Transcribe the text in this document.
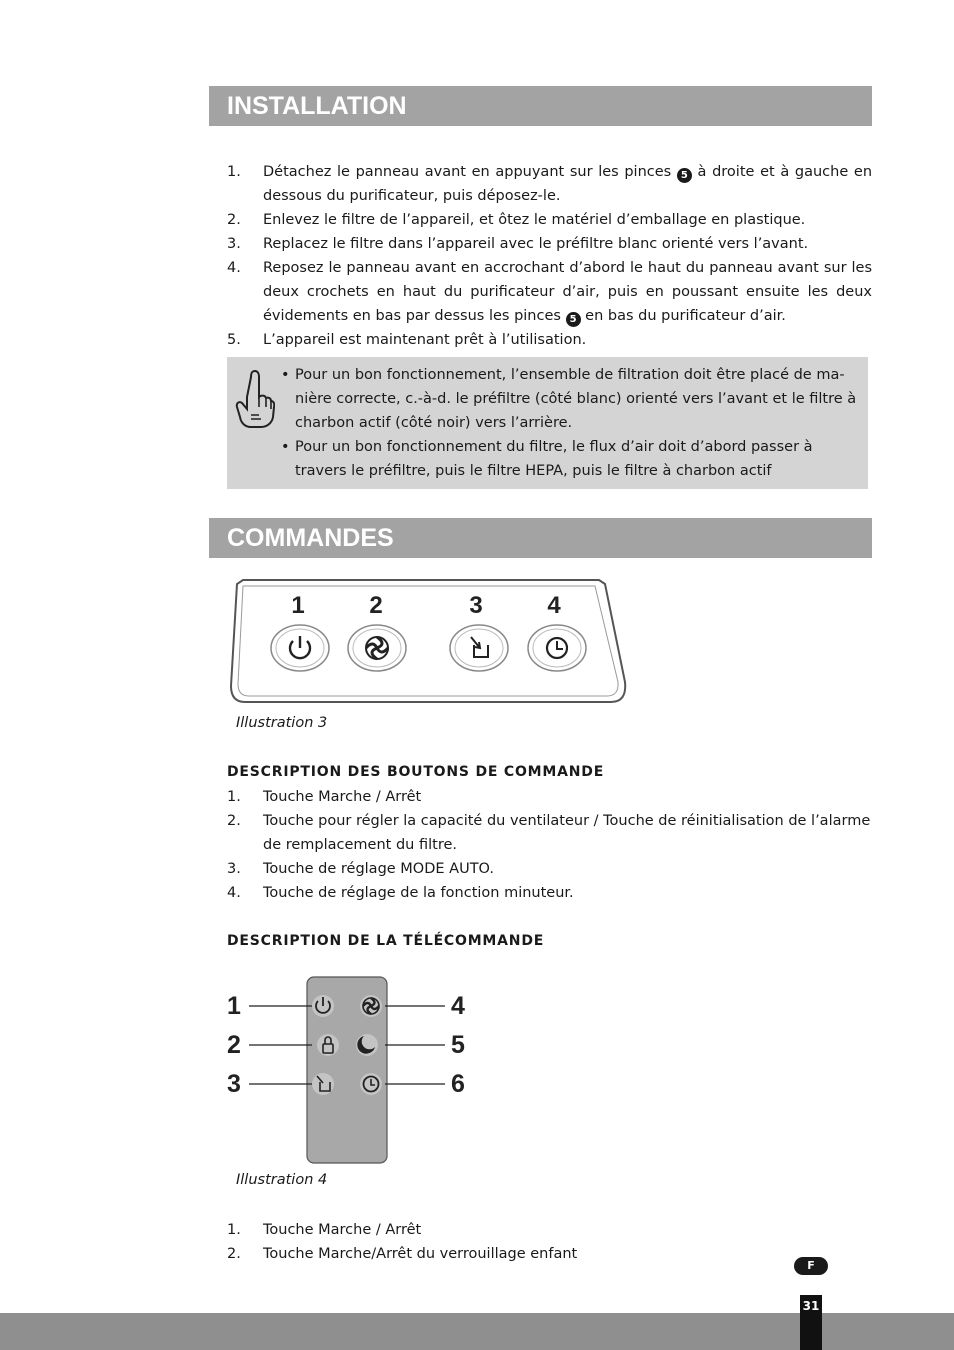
INSTALLATION
1.	Détachez le panneau avant en appuyant sur les pinces 5 à droite et à gauche en dessous du purificateur, puis déposez-le.
2.	Enlevez le filtre de l’appareil, et ôtez le matériel d’emballage en plastique.
3.	Replacez le filtre dans l’appareil avec le préfiltre blanc orienté vers l’avant.
4.	Reposez le panneau avant en accrochant d’abord le haut du panneau avant sur les deux crochets en haut du purificateur d’air, puis en poussant ensuite les deux évidements en bas par dessus les pinces 5 en bas du purificateur d’air.
5.	L’appareil est maintenant prêt à l’utilisation.
• Pour un bon fonctionnement, l’ensemble de filtration doit être placé de manière correcte, c.-à-d. le préfiltre (côté blanc) orienté vers l’avant et le filtre à charbon actif (côté noir) vers l’arrière.
• Pour un bon fonctionnement du filtre, le flux d’air doit d’abord passer à travers le préfiltre, puis le filtre HEPA, puis le filtre à charbon actif
COMMANDES
1	2	3	4
Illustration 3
DESCRIPTION DES BOUTONS DE COMMANDE
1.	Touche Marche / Arrêt
2.	Touche pour régler la capacité du ventilateur / Touche de réinitialisation de l’alarme de remplacement du filtre.
3.	Touche de réglage MODE AUTO.
4.	Touche de réglage de la fonction minuteur.
DESCRIPTION DE LA TÉLÉCOMMANDE
1
2
3
4
5
6
Illustration 4
1.	Touche Marche / Arrêt
2.	Touche Marche/Arrêt du verrouillage enfant
F
31
